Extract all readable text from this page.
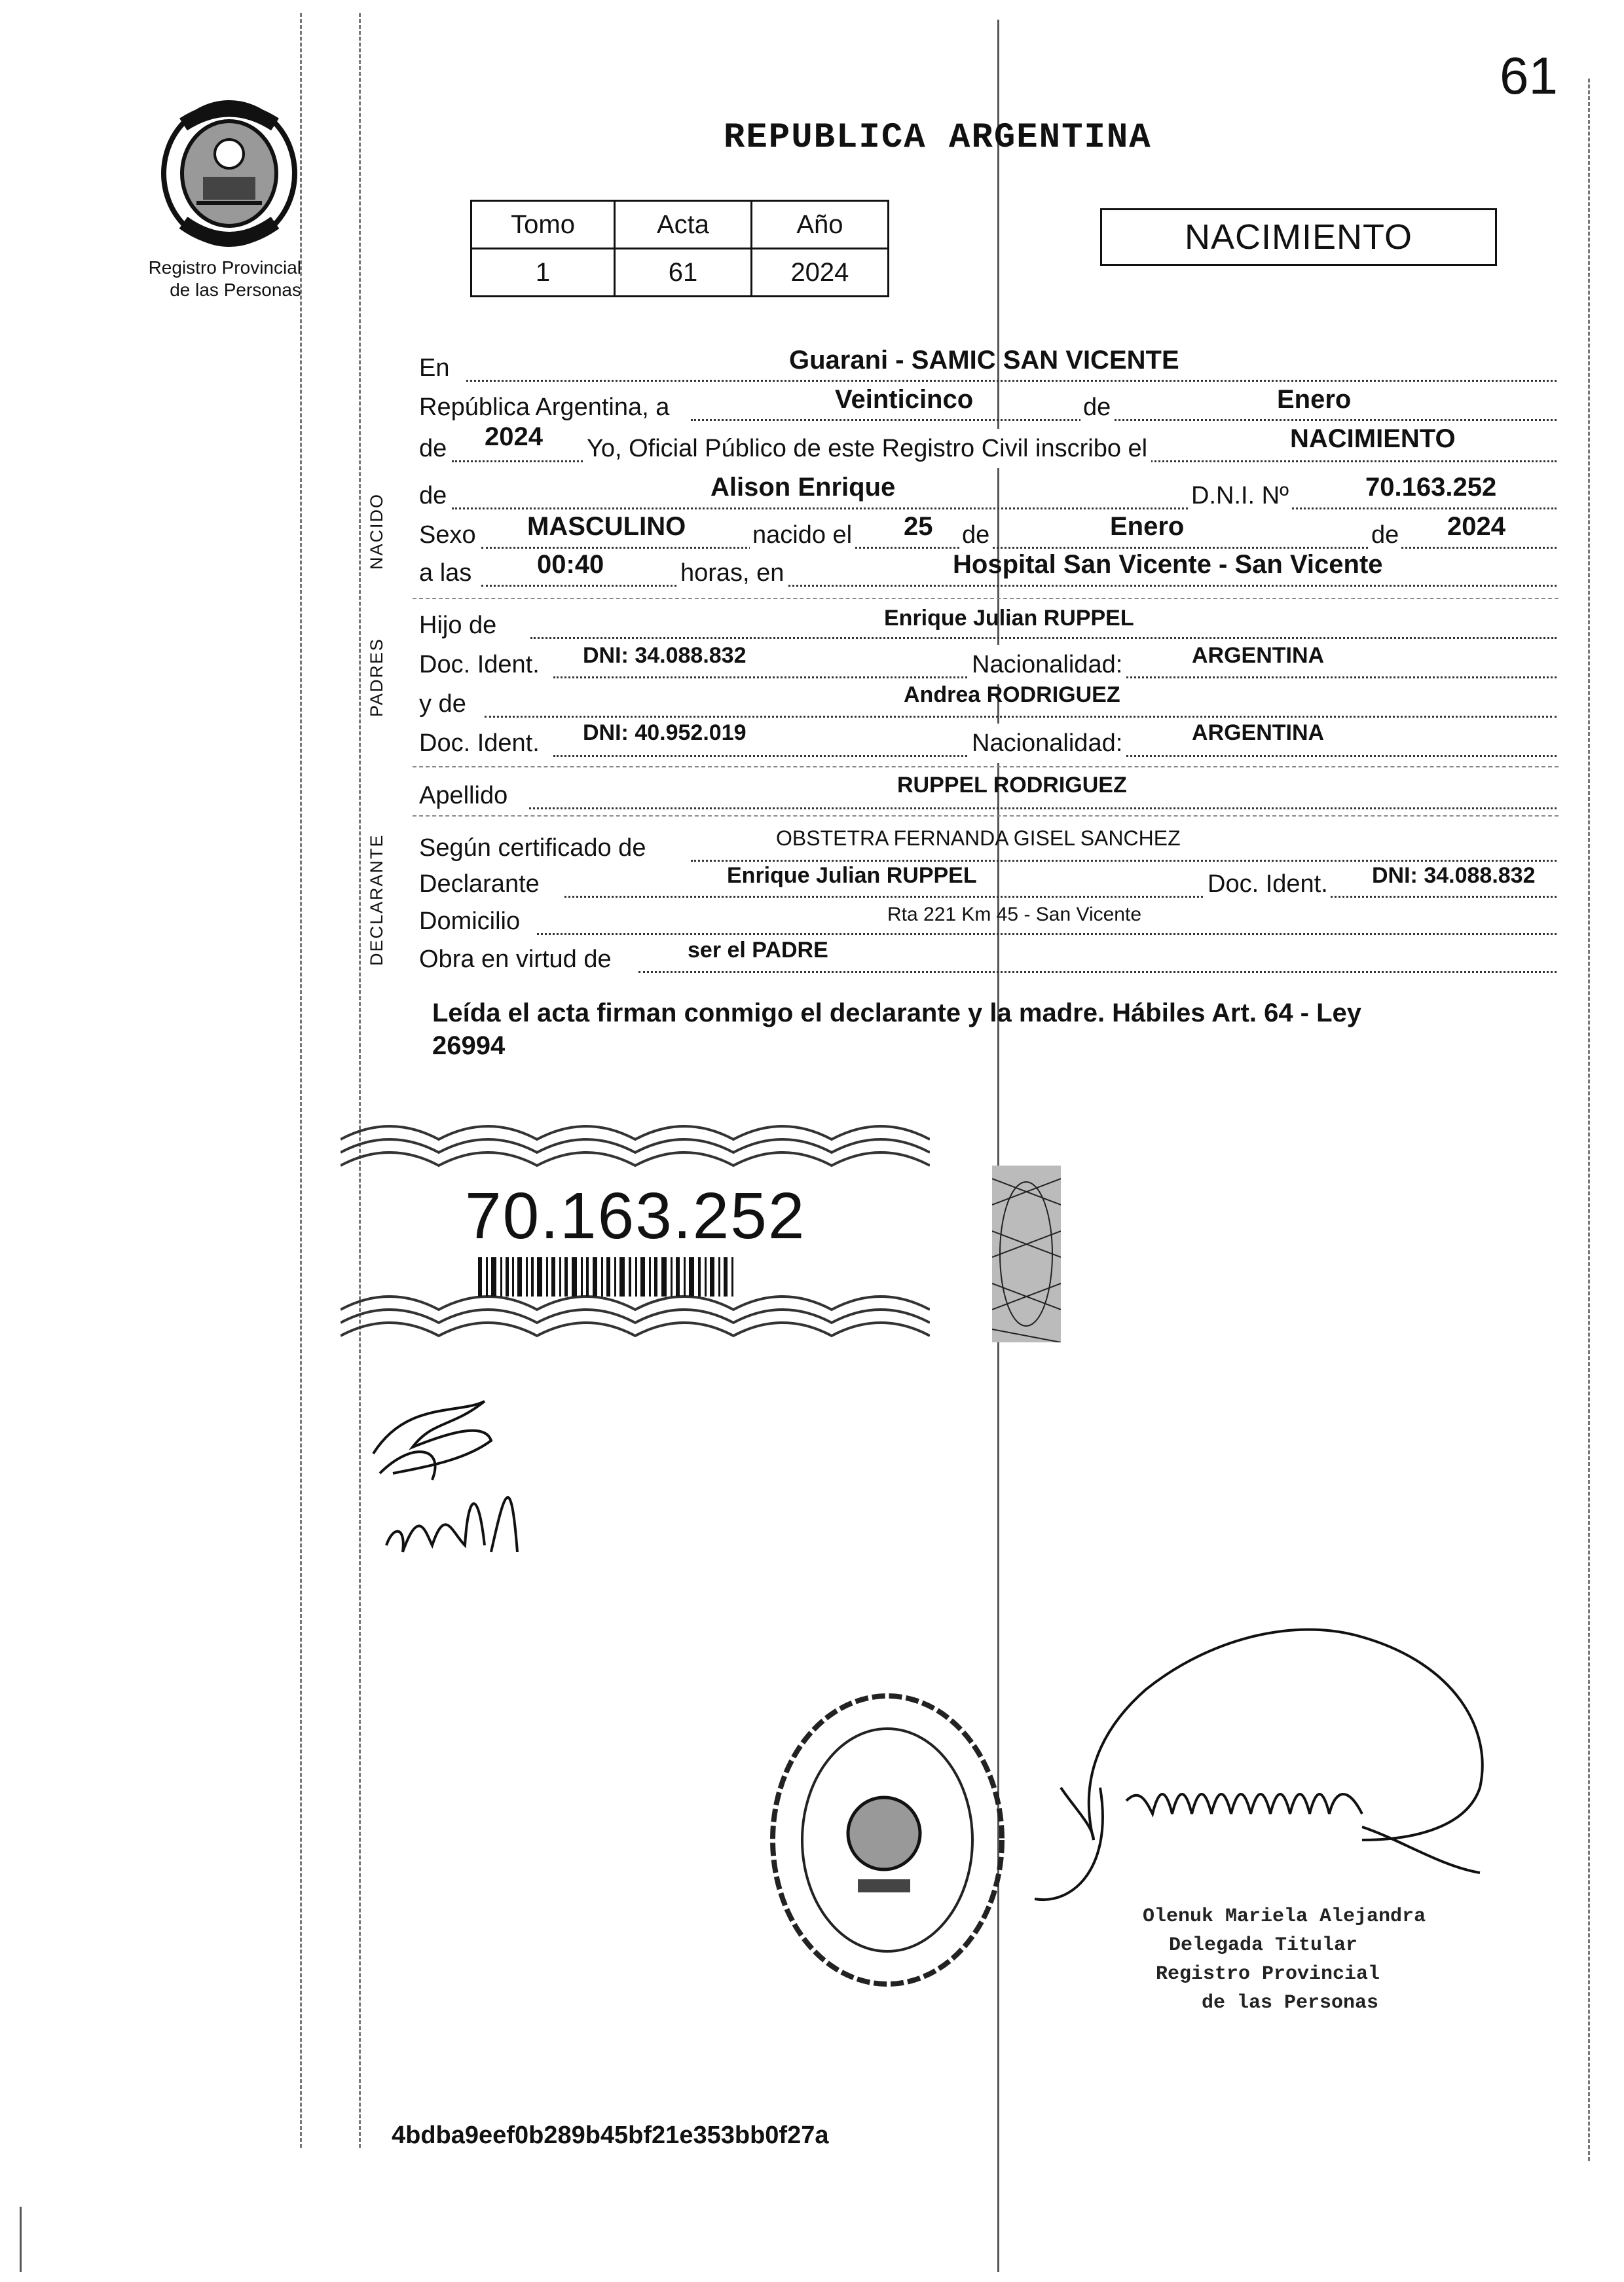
61
REPUBLICA ARGENTINA
Registro Provincial
de las Personas
Tomo	Acta	Año
1	61	2024
NACIMIENTO
NACIDO
PADRES
DECLARANTE
En	Guarani - SAMIC SAN VICENTE
República Argentina, a	Veinticinco	de	Enero
de 2024 Yo, Oficial Público de este Registro Civil inscribo el	NACIMIENTO
de	Alison Enrique	D.N.I. Nº	70.163.252
Sexo MASCULINO	nacido el 25 de	Enero	de 2024
a las 00:40	horas, en	Hospital San Vicente - San Vicente
Hijo de	Enrique Julian RUPPEL
Doc. Ident. DNI: 34.088.832	Nacionalidad:	ARGENTINA
y de	Andrea RODRIGUEZ
Doc. Ident. DNI: 40.952.019	Nacionalidad:	ARGENTINA
Apellido	RUPPEL RODRIGUEZ
Según certificado de	OBSTETRA FERNANDA GISEL SANCHEZ
Declarante	Enrique Julian RUPPEL	Doc. Ident. DNI: 34.088.832
Domicilio	Rta 221 Km 45 - San Vicente
Obra en virtud de	ser el PADRE
Leída el acta firman conmigo el declarante y la madre. Hábiles Art. 64 - Ley
26994
70.163.252
Olenuk Mariela Alejandra
Delegada Titular
Registro Provincial
de las Personas
4bdba9eef0b289b45bf21e353bb0f27a
